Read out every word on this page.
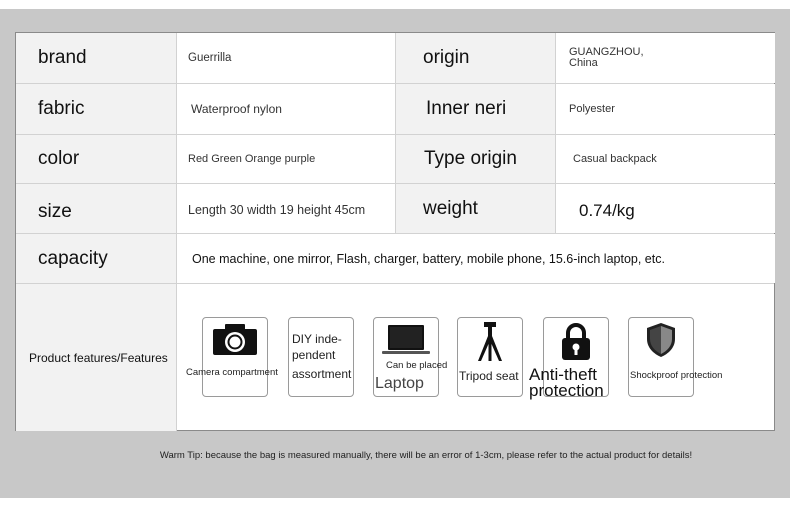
brand	Guerrilla	origin	GUANGZHOU,
China
fabric	Waterproof nylon	Inner neri	Polyester
color	Red Green Orange purple	Type origin	Casual backpack
size	Length 30 width 19 height 45cm	weight	0.74/kg
capacity	One machine, one mirror, Flash, charger, battery, mobile phone, 15.6-inch laptop, etc.
Product features/Features
Camera compartment
DIY inde-
pendent
assortment
Can be placed
Laptop	Tripod seat Anti-theft
protection
Shockproof protection
Warm Tip: because the bag is measured manually, there will be an error of 1-3cm, please refer to the actual product for details!
